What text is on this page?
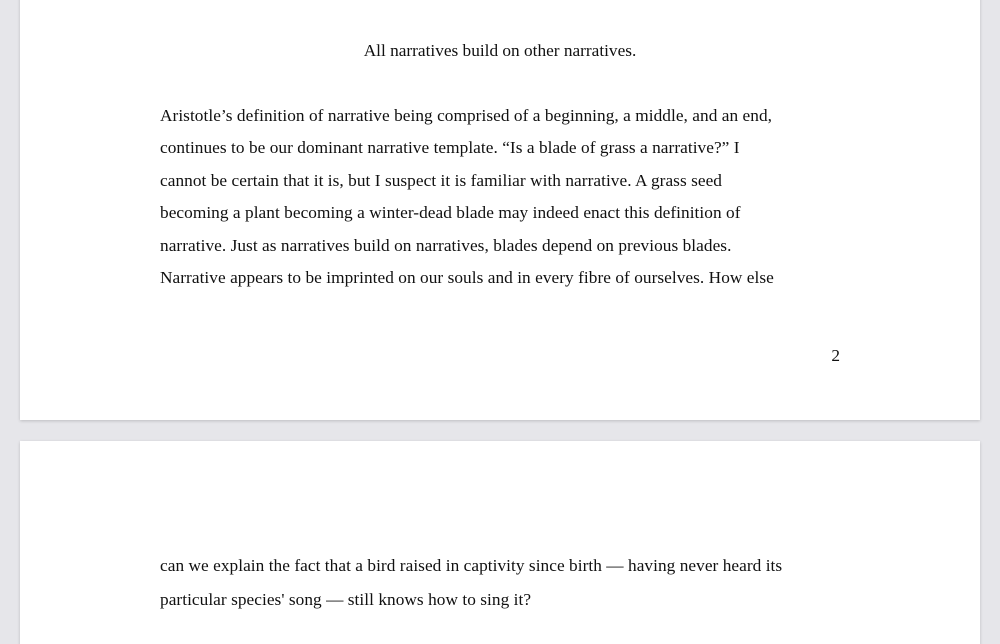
All narratives build on other narratives.
Aristotle’s definition of narrative being comprised of a beginning, a middle, and an end,
continues to be our dominant narrative template. “Is a blade of grass a narrative?” I
cannot be certain that it is, but I suspect it is familiar with narrative. A grass seed
becoming a plant becoming a winter-dead blade may indeed enact this definition of
narrative. Just as narratives build on narratives, blades depend on previous blades.
Narrative appears to be imprinted on our souls and in every fibre of ourselves. How else
2
can we explain the fact that a bird raised in captivity since birth — having never heard its
particular species' song — still knows how to sing it?
